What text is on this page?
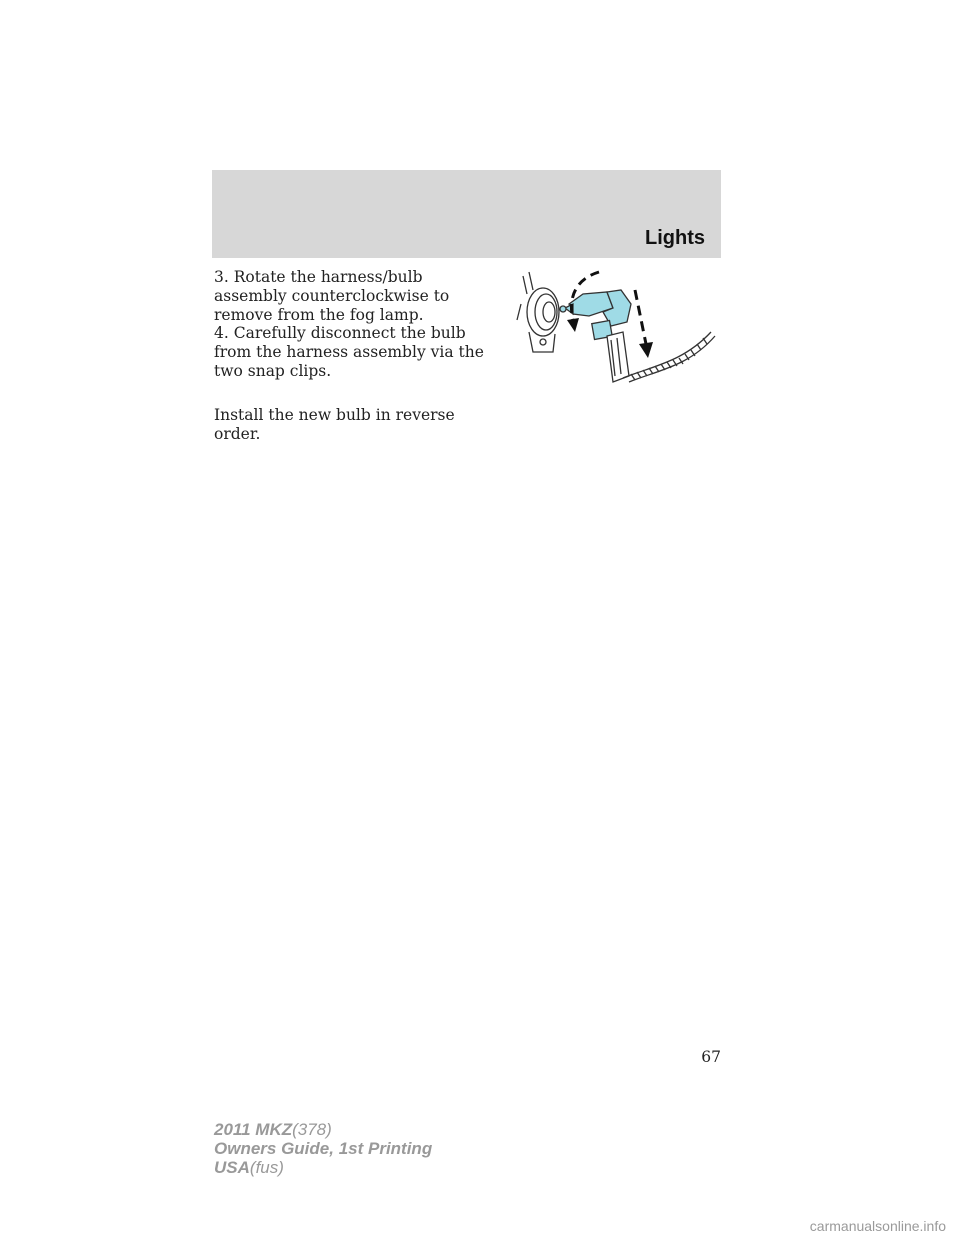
Lights

3. Rotate the harness/bulb assembly counterclockwise to remove from the fog lamp.

4. Carefully disconnect the bulb from the harness assembly via the two snap clips.

Install the new bulb in reverse order.

67
2011 MKZ(378)
Owners Guide, 1st Printing
USA(fus)
carmanualsonline.info
